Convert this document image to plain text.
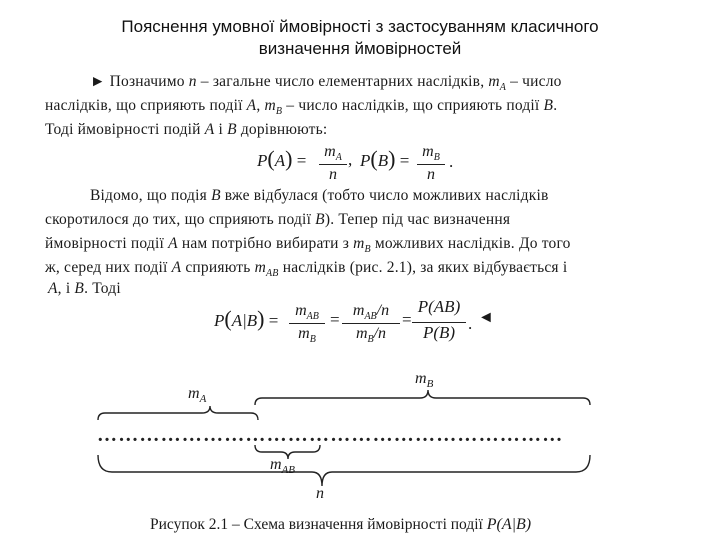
Пояснення умовної ймовірності з застосуванням класичного
визначення ймовірностей
► Позначимо n – загальне число елементарних наслідків, $m_A$ – число
наслідків, що сприяють події A, $m_B$ – число наслідків, що сприяють події B.
Тоді ймовірності подій A і B дорівнюють:
$P(A) = m_A$
n
, $P(B) = m_B$
n
.
Відомо, що подія B вже відбулася (тобто число можливих наслідків
скоротилося до тих, що сприяють події B). Тепер під час визначення
ймовірності події A нам потрібно вибирати з $m_B$ можливих наслідків. До того
ж, серед них події A сприяють $m_{AB}$ наслідків (рис. 2.1), за яких відбувається і
A, і B. Тоді
P(A|B) =
$m_{AB}$
$m_B$
= $m_{AB}/n$
$m_B/n$
=
P(AB)
P(B) . ◄
…………………………………………………………
$m_B$
$m_A$
$m_{AB}$
n
Рисупок 2.1 – Схема визначення ймовірності події P(A|B)
